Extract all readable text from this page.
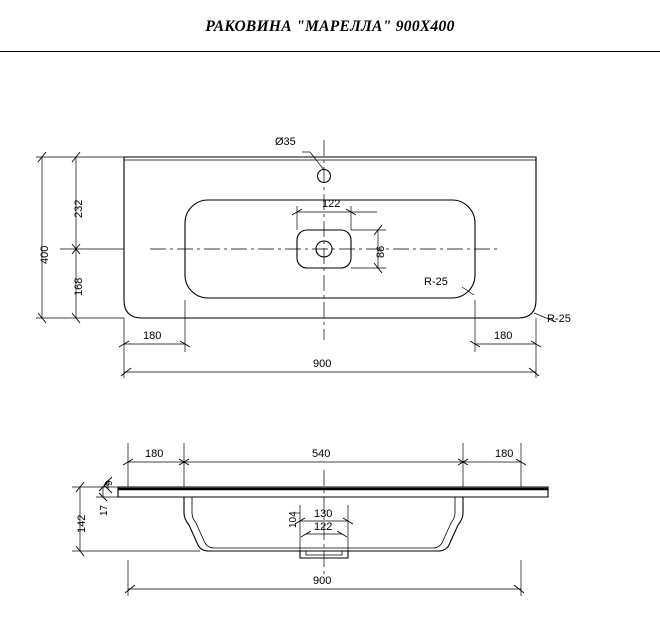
РАКОВИНА "МАРЕЛЛА" 900Х400
400
232
168
180	180
900
Ø35
122
86
R-25
R-25
180	540	180
142
17
9
104 130
122
900
